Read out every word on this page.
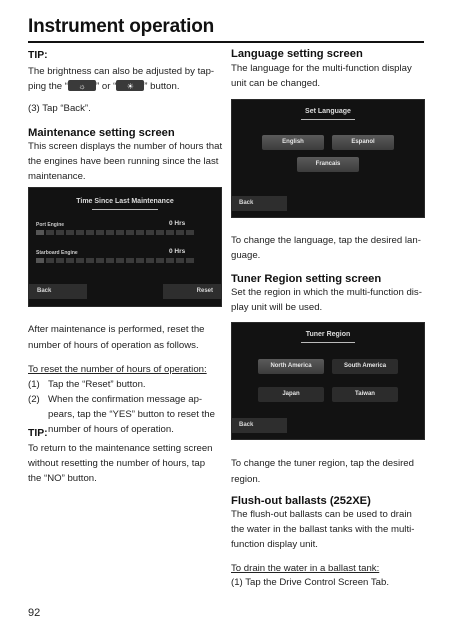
Instrument operation
TIP:
The brightness can also be adjusted by tap-
ping the “	☼	” or “	☀	” button.
(3) Tap “Back”.
Maintenance setting screen
This screen displays the number of hours that
the engines have been running since the last
maintenance.
Time Since Last Maintenance
Port Engine	0 Hrs
Starboard Engine	0 Hrs
Back	Reset
After maintenance is performed, reset the
number of hours of operation as follows.
To reset the number of hours of operation:
(1) Tap the “Reset” button.
(2) When the confirmation message ap-
pears, tap the “YES” button to reset the
number of hours of operation.
TIP:
To return to the maintenance setting screen
without resetting the number of hours, tap
the “NO” button.
Language setting screen
The language for the multi-function display
unit can be changed.
Set Language
English	Espanol
Francais
Back
To change the language, tap the desired lan-
guage.
Tuner Region setting screen
Set the region in which the multi-function dis-
play unit will be used.
Tuner Region
North America	South America
Japan	Taiwan
Back
To change the tuner region, tap the desired
region.
Flush-out ballasts (252XE)
The flush-out ballasts can be used to drain
the water in the ballast tanks with the multi-
function display unit.
To drain the water in a ballast tank:
(1) Tap the Drive Control Screen Tab.
92
